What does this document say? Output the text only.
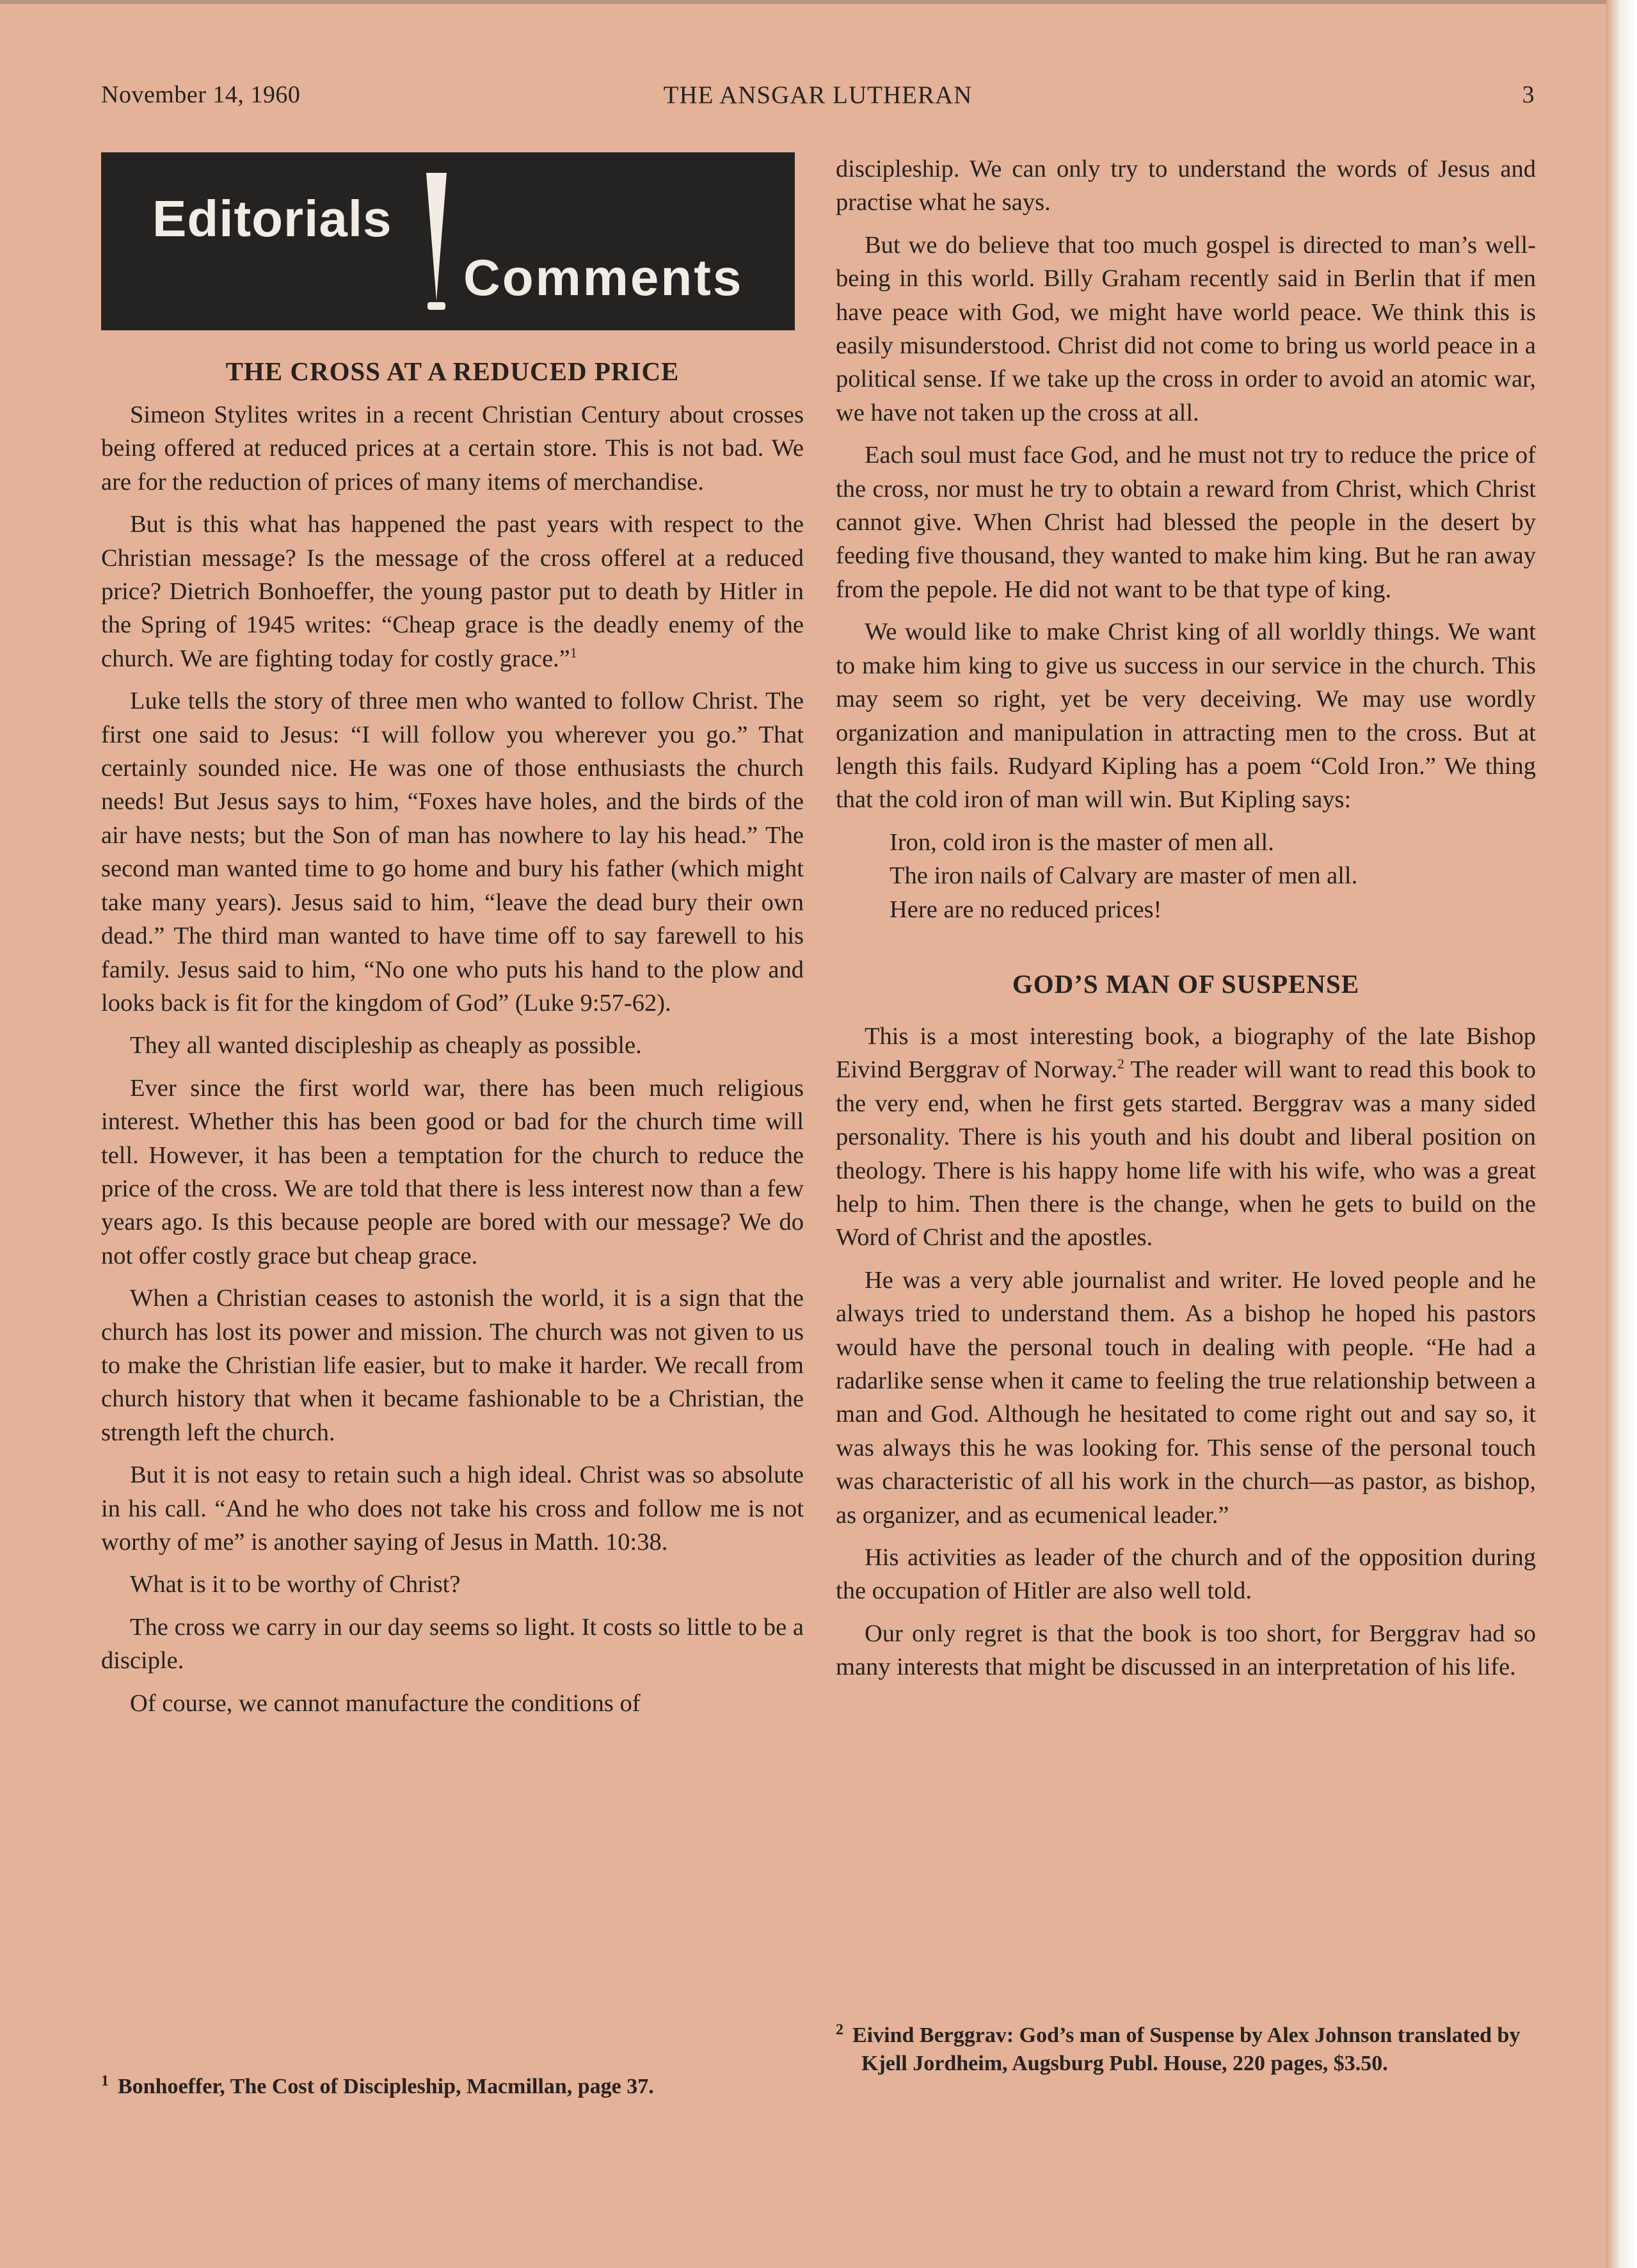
November 14, 1960	THE ANSGAR LUTHERAN	3
Editorials
Comments
THE CROSS AT A REDUCED PRICE

Simeon Stylites writes in a recent Christian Century about crosses being offered at reduced prices at a certain store. This is not bad. We are for the reduction of prices of many items of merchandise.

But is this what has happened the past years with respect to the Christian message? Is the message of the cross offerel at a reduced price? Dietrich Bonhoeffer, the young pastor put to death by Hitler in the Spring of 1945 writes: “Cheap grace is the deadly enemy of the church. We are fighting today for costly grace.”$^1$

Luke tells the story of three men who wanted to follow Christ. The first one said to Jesus: “I will follow you wherever you go.” That certainly sounded nice. He was one of those enthusiasts the church needs! But Jesus says to him, “Foxes have holes, and the birds of the air have nests; but the Son of man has nowhere to lay his head.” The second man wanted time to go home and bury his father (which might take many years). Jesus said to him, “leave the dead bury their own dead.” The third man wanted to have time off to say farewell to his family. Jesus said to him, “No one who puts his hand to the plow and looks back is fit for the kingdom of God” (Luke 9:57-62).

They all wanted discipleship as cheaply as possible.

Ever since the first world war, there has been much religious interest. Whether this has been good or bad for the church time will tell. However, it has been a temptation for the church to reduce the price of the cross. We are told that there is less interest now than a few years ago. Is this because people are bored with our message? We do not offer costly grace but cheap grace.

When a Christian ceases to astonish the world, it is a sign that the church has lost its power and mission. The church was not given to us to make the Christian life easier, but to make it harder. We recall from church history that when it became fashionable to be a Christian, the strength left the church.

But it is not easy to retain such a high ideal. Christ was so absolute in his call. “And he who does not take his cross and follow me is not worthy of me” is another saying of Jesus in Matth. 10:38.

What is it to be worthy of Christ?

The cross we carry in our day seems so light. It costs so little to be a disciple.

Of course, we cannot manufacture the conditions of

discipleship. We can only try to understand the words of Jesus and practise what he says.

But we do believe that too much gospel is directed to man’s well-being in this world. Billy Graham recently said in Berlin that if men have peace with God, we might have world peace. We think this is easily misunderstood. Christ did not come to bring us world peace in a political sense. If we take up the cross in order to avoid an atomic war, we have not taken up the cross at all.

Each soul must face God, and he must not try to reduce the price of the cross, nor must he try to obtain a reward from Christ, which Christ cannot give. When Christ had blessed the people in the desert by feeding five thousand, they wanted to make him king. But he ran away from the pepole. He did not want to be that type of king.

We would like to make Christ king of all worldly things. We want to make him king to give us success in our service in the church. This may seem so right, yet be very deceiving. We may use wordly organization and manipulation in attracting men to the cross. But at length this fails. Rudyard Kipling has a poem “Cold Iron.” We thing that the cold iron of man will win. But Kipling says:

Iron, cold iron is the master of men all.
The iron nails of Calvary are master of men all.
Here are no reduced prices!
GOD’S MAN OF SUSPENSE

This is a most interesting book, a biography of the late Bishop Eivind Berggrav of Norway.$^2$ The reader will want to read this book to the very end, when he first gets started. Berggrav was a many sided personality. There is his youth and his doubt and liberal position on theology. There is his happy home life with his wife, who was a great help to him. Then there is the change, when he gets to build on the Word of Christ and the apostles.

He was a very able journalist and writer. He loved people and he always tried to understand them. As a bishop he hoped his pastors would have the personal touch in dealing with people. “He had a radarlike sense when it came to feeling the true relationship between a man and God. Although he hesitated to come right out and say so, it was always this he was looking for. This sense of the personal touch was characteristic of all his work in the church—as pastor, as bishop, as organizer, and as ecumenical leader.”

His activities as leader of the church and of the opposition during the occupation of Hitler are also well told.

Our only regret is that the book is too short, for Berggrav had so many interests that might be discussed in an interpretation of his life.

$^1$ Bonhoeffer, The Cost of Discipleship, Macmillan, page 37.
$^2$ Eivind Berggrav: God’s man of Suspense by Alex Johnson translated by Kjell Jordheim, Augsburg Publ. House, 220 pages, $3.50.
